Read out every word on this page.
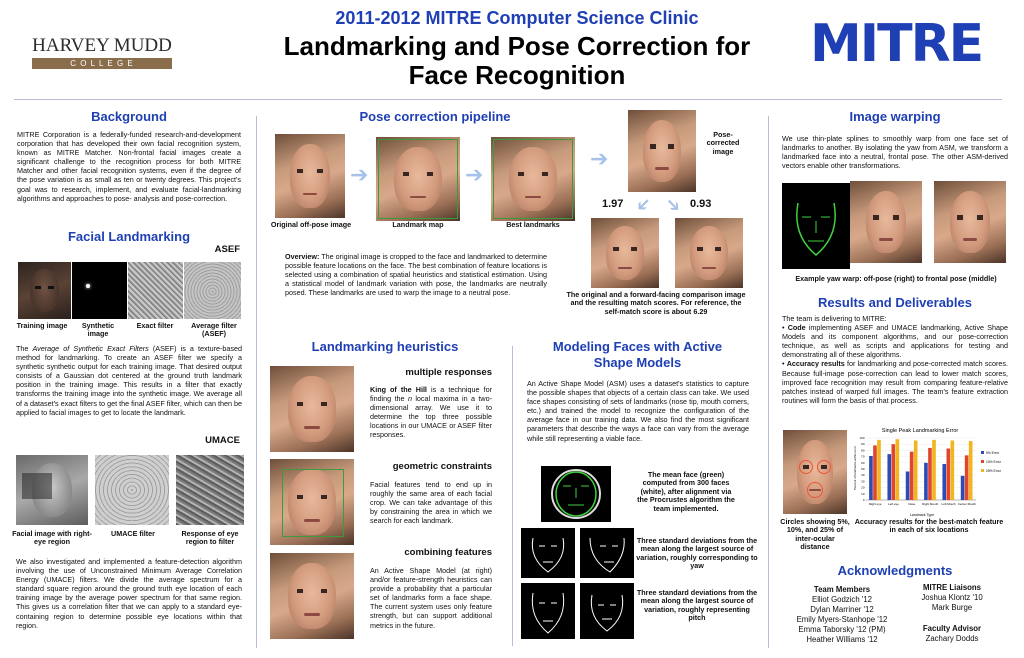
HARVEY MUDD
C O L L E G E
2011-2012 MITRE Computer Science Clinic
Landmarking and Pose Correction for
Face Recognition
MITRE
Background
MITRE Corporation is a federally-funded research-and-development corporation that has developed their own facial recognition system, known as MITRE Matcher. Non-frontal facial images create a significant challenge to the recognition process for both MITRE Matcher and other facial recognition systems, even if the degree of the pose variation is as small as ten or twenty degrees. This project's goal was to research, implement, and evaluate facial-landmarking algorithms and approaches to pose- analysis and pose-correction.
Facial Landmarking
ASEF
Training image	Synthetic image
Exact filter	Average filter (ASEF)
The Average of Synthetic Exact Filters (ASEF) is a texture-based method for landmarking. To create an ASEF filter we specify a synthetic synthetic output for each training image. That desired output consists of a Gaussian dot centered at the ground truth landmark position in the training image. This results in a filter that exactly transforms the training image into the synthetic image. We average all of a dataset's exact filters to get the final ASEF filter, which can then be applied to facial images to get to locate the landmark.
UMACE
Facial image with right-eye region
UMACE filter	Response of eye region to filter
We also investigated and implemented a feature-detection algorithm involving the use of Unconstrained Minimum Average Correlation Energy (UMACE) filters. We divide the average spectrum for a standard square region around the ground truth eye location of each training image by the average power spectrum for that same region. This gives us a correlation filter that we can apply to a standard eye-containing region to determine possible eye locations within that region.
Pose correction pipeline
➔	➔
➔
Pose-corrected image
Original off-pose image	Landmark map	Best landmarks
1.97	0.93
➔ ➔
Overview: The original image is cropped to the face and landmarked to determine possible feature locations on the face. The best combination of feature locations is selected using a combination of spatial heuristics and statistical estimation. Using a statistical model of landmark variation with pose, the landmarks are neutrally posed. These landmarks are used to warp the image to a neutral pose.	The original and a forward-facing comparison image and the resulting match scores. For reference, the self-match score is about 6.29
Landmarking heuristics
multiple responses
King of the Hill is a technique for finding the n local maxima in a two-dimensional array. We use it to determine the top three possible locations in our UMACE or ASEF filter responses.
geometric constraints
Facial features tend to end up in roughly the same area of each facial crop. We can take advantage of this by constraining the area in which we search for each landmark.
combining features
An Active Shape Model (at right) and/or feature-strength heuristics can provide a probability that a particular set of landmarks form a face shape. The current system uses only feature strength, but can support additional metrics in the future.
Modeling Faces with Active
Shape Models
An Active Shape Model (ASM) uses a dataset's statistics to capture the possible shapes that objects of a certain class can take. We used face shapes consisting of sets of landmarks (nose tip, mouth corners, etc.) and trained the model to recognize the configuration of the average face in our training data. We also find the most significant parameters that describe the ways a face can vary from the average while still representing a viable face.
The mean face (green) computed from 300 faces (white), after alignment via the Procrustes algorithm the team implemented.
Three standard deviations from the mean along the largest source of variation, roughly corresponding to yaw
Three standard deviations from the mean along the largest source of variation, roughly representing pitch
Image warping
We use thin-plate splines to smoothly warp from one face set of landmarks to another. By isolating the yaw from ASM, we transform a landmarked face into a neutral, frontal pose. The other ASM-derived vectors enable other transformations.
Example yaw warp: off-pose (right) to frontal pose (middle)
Results and Deliverables
The team is delivering to MITRE:
• Code implementing ASEF and UMACE landmarking, Active Shape Models and its component algorithms, and our pose-correction technique, as well as scripts and applications for testing and demonstrating all of these algorithms.
• Accuracy results for landmarking and pose-corrected match scores. Because full-image pose-correction can lead to lower match scores, improved face recognition may result from comparing feature-relative patches instead of warped full images. The team's feature extraction routines will form the basis of that process.
Single Peak Landmarking Error
0
10
20
30
40
50
60
70
80
90
100
Right eye Left eye	Nose Right Mouth Left Mouth Center Mouth
5% Error
10% Error
25% Error
Landmark Type
Percent of landmarks within error
Circles showing 5%, 10%, and 25% of inter-ocular distance
Accuracy results for the best-match feature in each of six locations
Acknowledgments
Team Members
Elliot Godzich '12
Dylan Marriner '12
Emily Myers-Stanhope '12
Emma Taborsky '12 (PM)
Heather Williams '12
MITRE Liaisons
Joshua Klontz '10
Mark Burge
Faculty Advisor
Zachary Dodds
